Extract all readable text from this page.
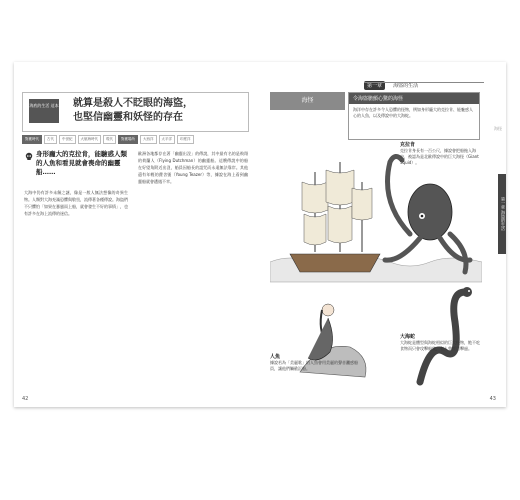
海底的生活 這本 就算是殺人不眨眼的海盜，
也堅信幽靈和妖怪的存在
對應時代	古代	中世紀	大航海時代	現代	對應場所	大西洋	太平洋	印度洋
身形龐大的克拉肯，能驗惑人類的人魚和看見就會喪命的幽靈船……
大海中仍有許多未解之謎，像是一般人無法想像的奇異生物。人類對大海充滿恐懼與敬畏，流傳著各種傳說。海盜們不只懼怕「如果在暴風雨上船，就會發生不好的事情」，也有許多在海上流傳的迷信。
歐洲各地都存在著「幽靈出沒」的傳說，其中最有名的是飛翔的荷蘭人（Flying Dutchman）的幽靈船。這艘傳說中的船在好望角附近出沒，船員因船長的詛咒而永遠無法靠岸。其他還有年輕的費舍號（Young Teazer）等，據說在海上看到幽靈船就會遭遇不幸。
42
第一章 海盜的生活
海怪
第一章 海盜的生活
海怪	令海盜膽顫心驚的海怪
海洋中存在許多令人恐懼的怪物，例如身形龐大的克拉肯、能魅惑人心的人魚，以及傳說中的大海蛇。
克拉肯
克拉肯身長有一百公尺，據說會把船拖入海中，被認為是北歐傳說中的巨大海怪（Giant Squid）。
人魚
據說若為「美麗歌」的人魚會用美麗的聲音蠱惑船員，讓他們觸礁沉船。
大海蛇
大海蛇是體型與海蛇相似的巨大怪物，牠不吃食物而只會攻擊船隻，有人曾經目擊過。
43
